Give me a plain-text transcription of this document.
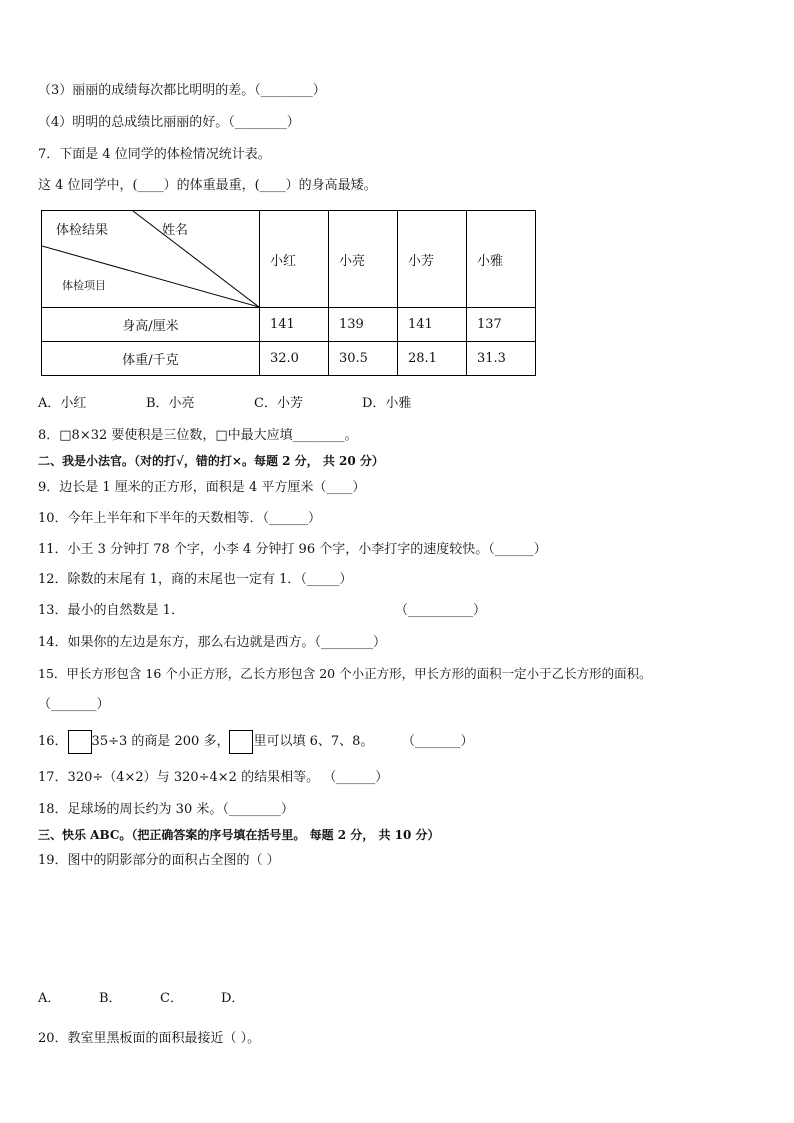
（3）丽丽的成绩每次都比明明的差。（________）
（4）明明的总成绩比丽丽的好。（________）
7．下面是 4 位同学的体检情况统计表。
这 4 位同学中，(____）的体重最重，(____）的身高最矮。
体检结果 姓名
体检项目	小红	小亮	小芳	小雅
身高/厘米	141	139	141	137
体重/千克	32.0	30.5	28.1	31.3
A．小红	B．小亮	C．小芳	D．小雅
8．□8×32 要使积是三位数，□中最大应填________。
二、我是小法官。（对的打√，错的打×。每题 2 分， 共 20 分）
9．边长是 1 厘米的正方形，面积是 4 平方厘米（____）
10．今年上半年和下半年的天数相等．（______）
11．小王 3 分钟打 78 个字，小李 4 分钟打 96 个字，小李打字的速度较快。（______）
12．除数的末尾有 1，商的末尾也一定有 1．（_____）
13．最小的自然数是 1．	（__________）
14．如果你的左边是东方，那么右边就是西方。（________）
15．甲长方形包含 16 个小正方形，乙长方形包含 20 个小正方形，甲长方形的面积一定小于乙长方形的面积。
（_______）
16． 35÷3 的商是 200 多， 里可以填 6、7、8。 （_______）
17．320÷（4×2）与 320÷4×2 的结果相等。 （______）
18．足球场的周长约为 30 米。（________）
三、快乐 ABC。（把正确答案的序号填在括号里。 每题 2 分， 共 10 分）
19．图中的阴影部分的面积占全图的（ ）
A．	B．	C．	D．
20．教室里黑板面的面积最接近（ ）。
